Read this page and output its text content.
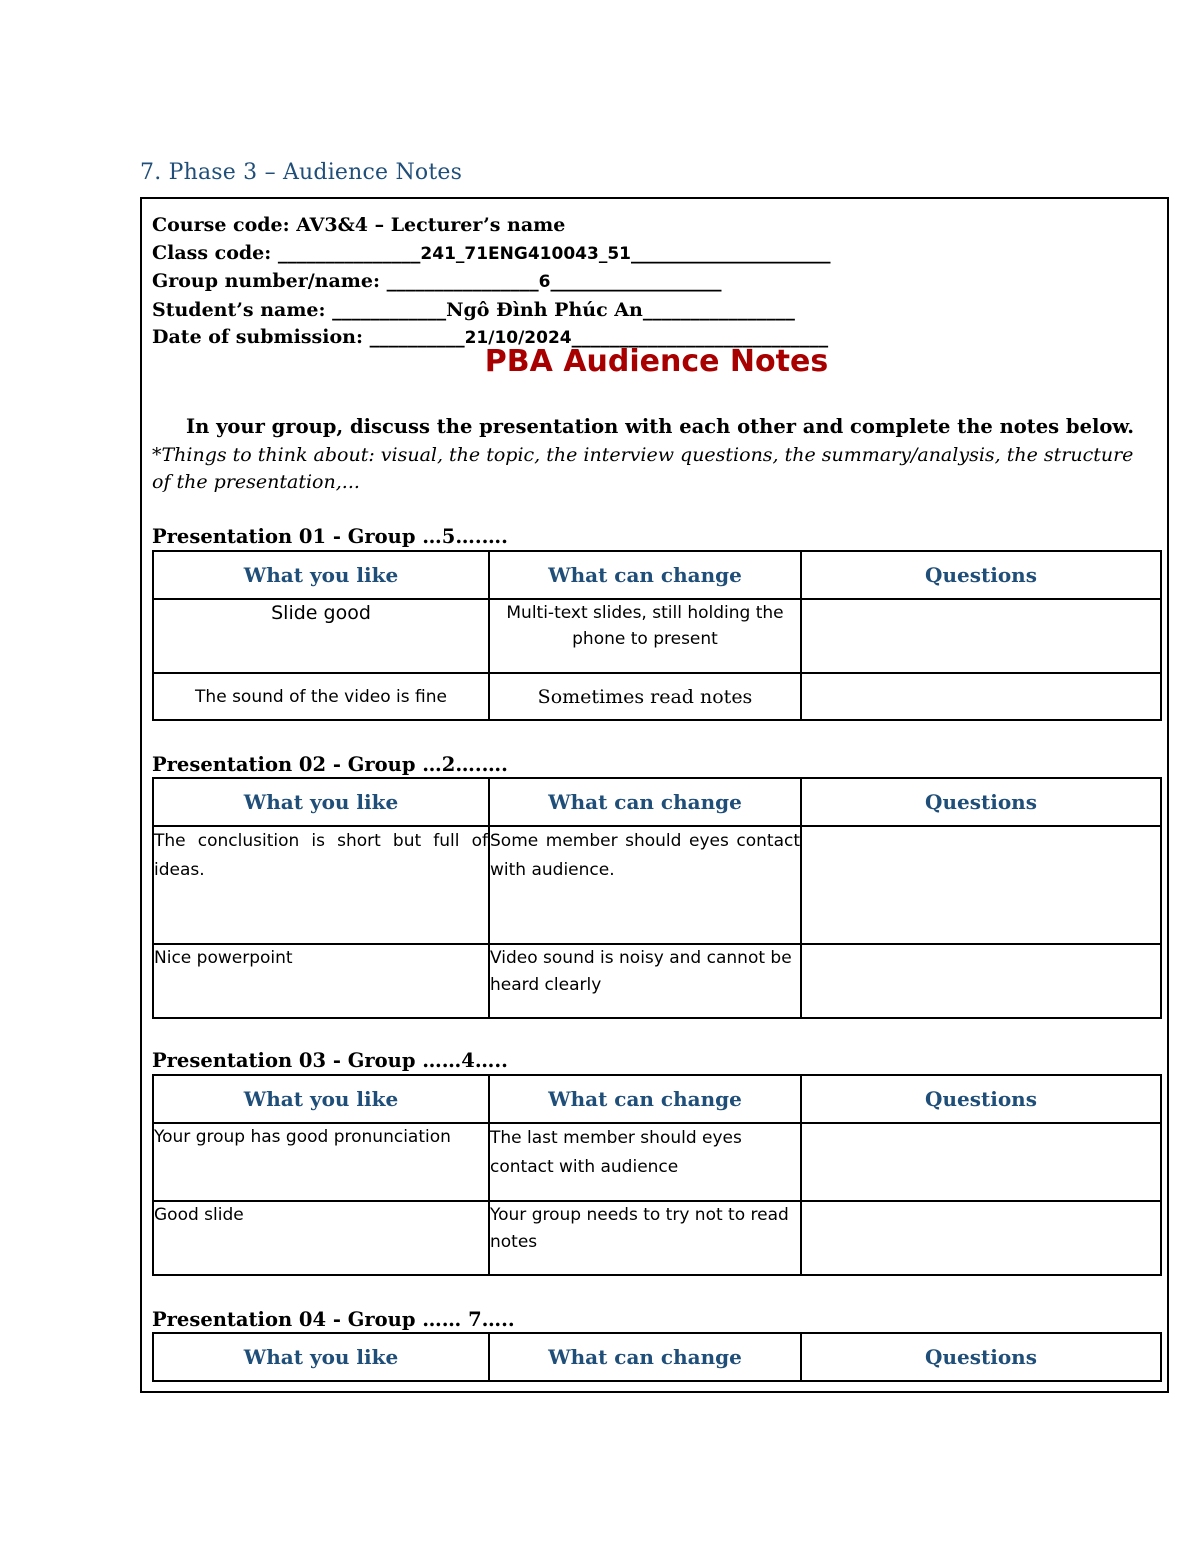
7. Phase 3 – Audience Notes
Course code: AV3&4 – Lecturer’s name
Class code: _______________241_71ENG410043_51_____________________
Group number/name: ________________6__________________
Student’s name: ____________Ngô Đình Phúc An________________
Date of submission: __________21/10/2024___________________________
PBA Audience Notes
In your group, discuss the presentation with each other and complete the notes below.
*Things to think about: visual, the topic, the interview questions, the summary/analysis, the structure of the presentation,...
Presentation 01 - Group …5….….
What you like	What can change	Questions
Slide good	Multi-text slides, still holding the phone to present	
The sound of the video is fine	Sometimes read notes	
Presentation 02 - Group …2….….
What you like	What can change	Questions
The conclusition is short but full of ideas.	Some member should eyes contact with audience.	
Nice powerpoint	Video sound is noisy and cannot be heard clearly	
Presentation 03 - Group ……4…..
What you like	What can change	Questions
Your group has good pronunciation	The last member should eyes contact with audience	
Good slide	Your group needs to try not to read notes	
Presentation 04 - Group …… 7…..
What you like	What can change	Questions
